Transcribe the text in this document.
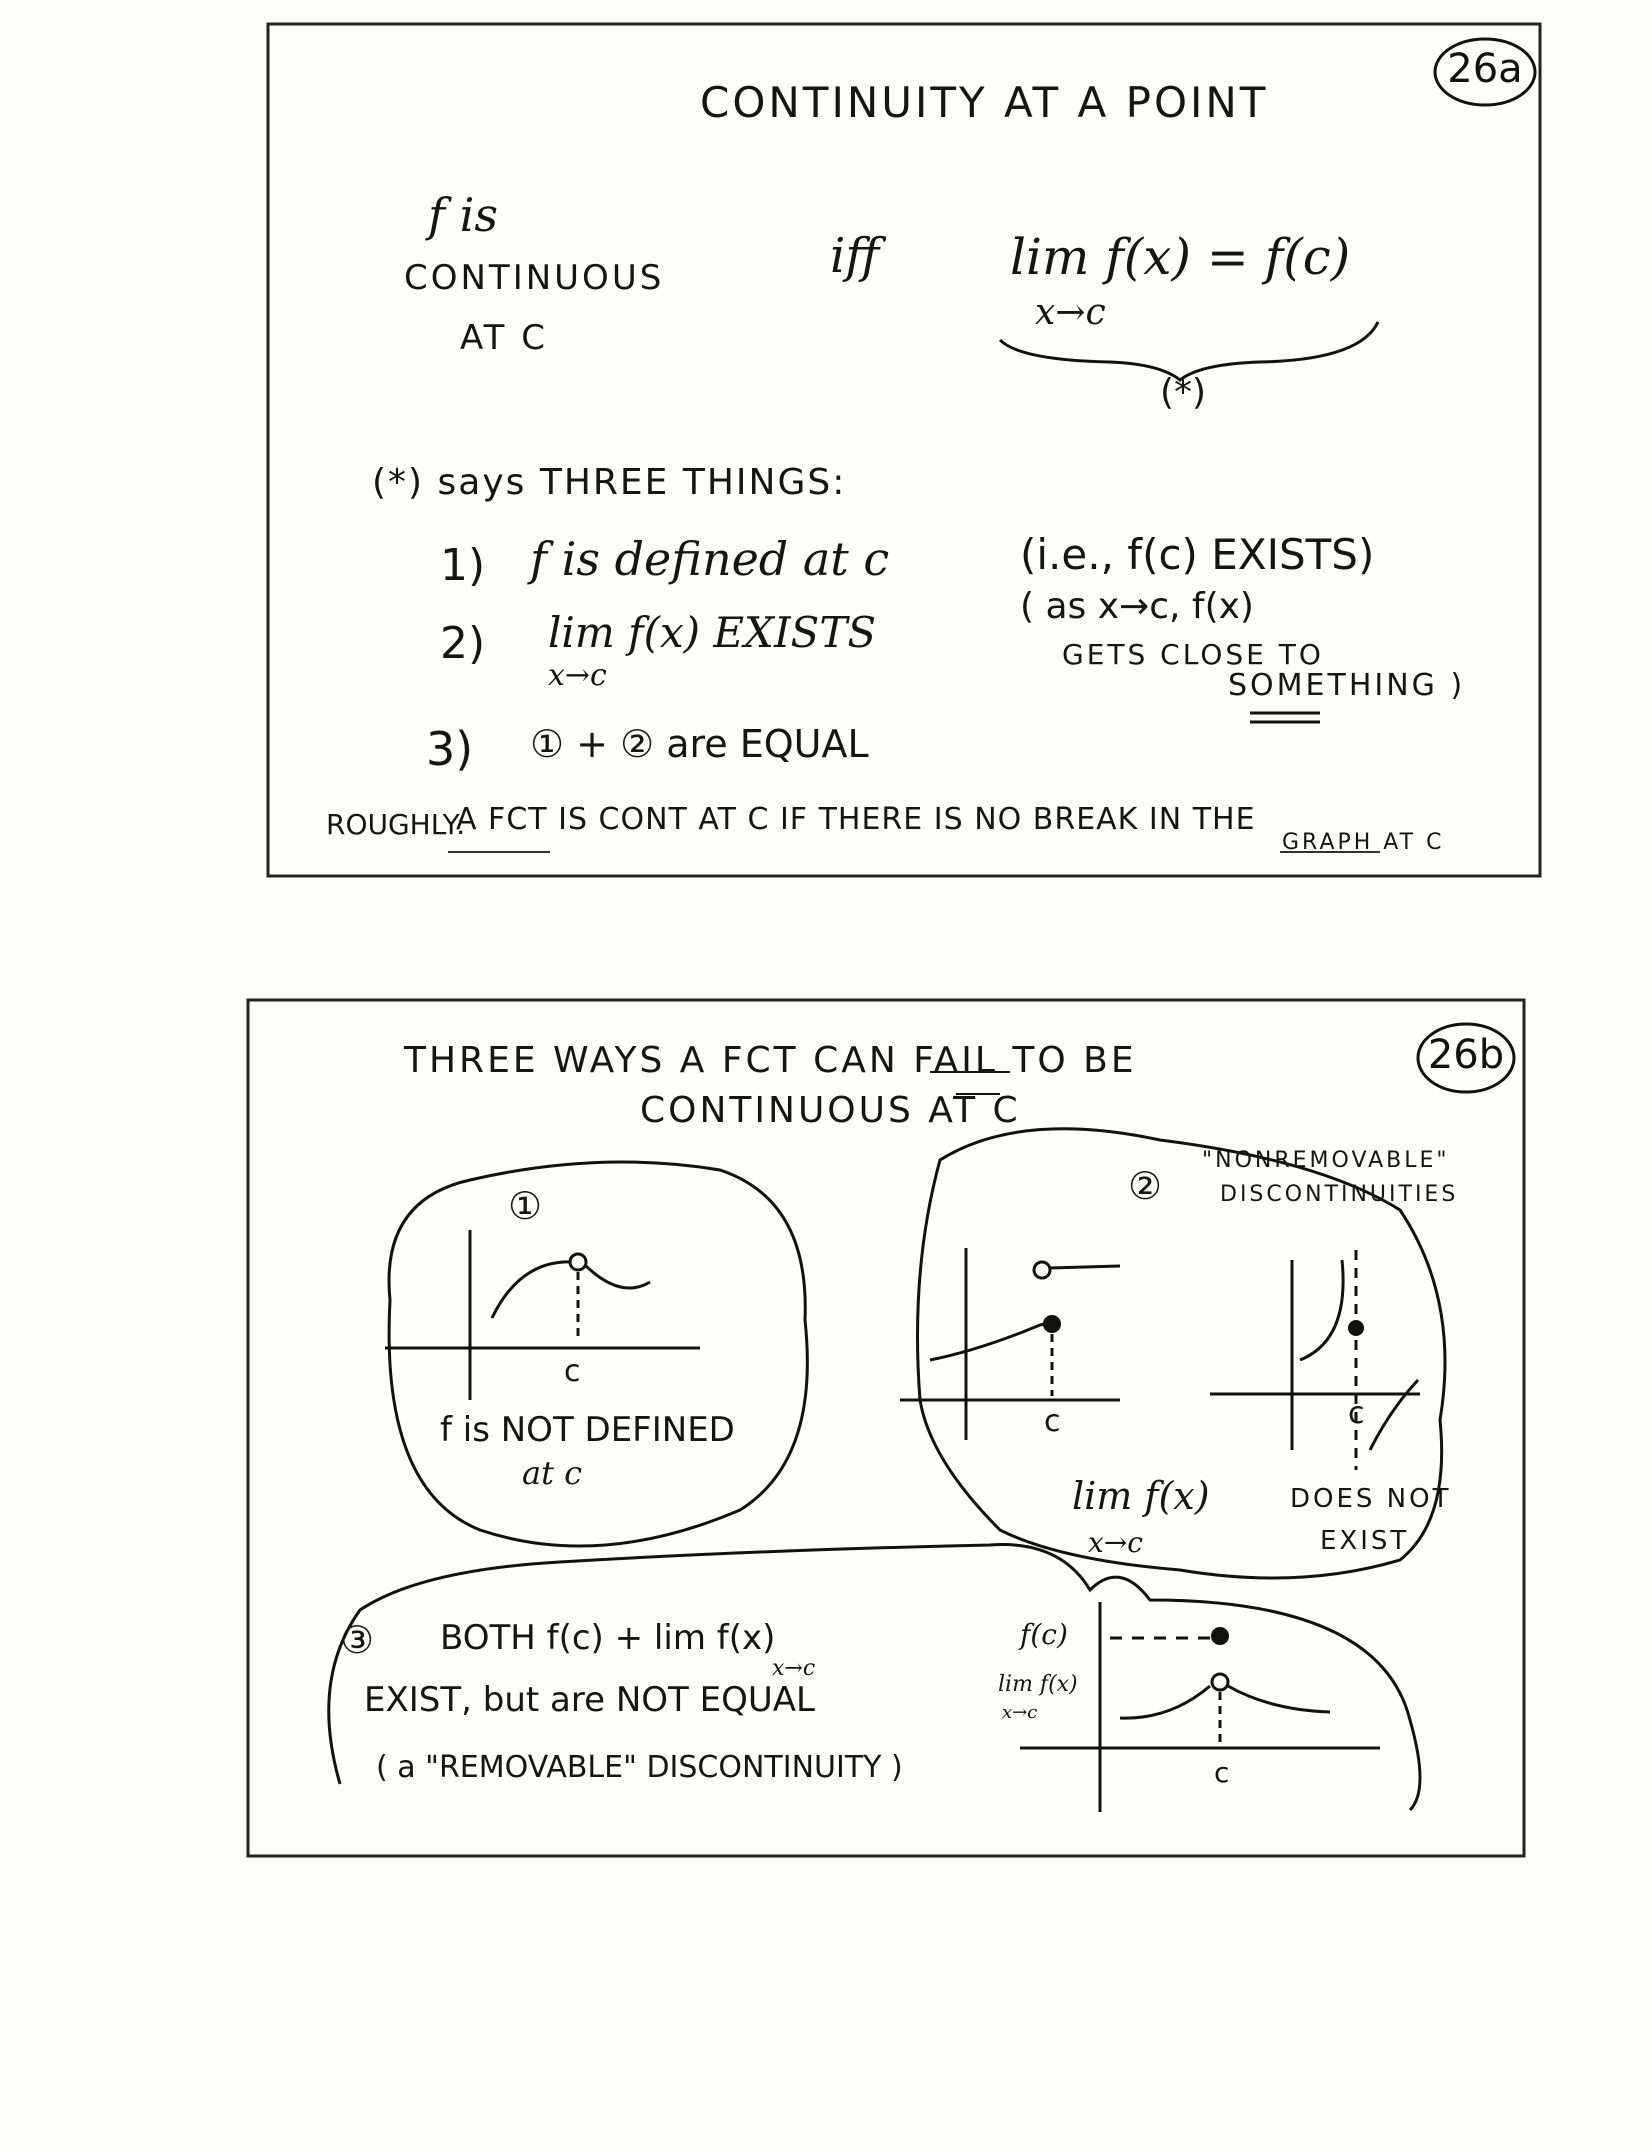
26a
CONTINUITY AT A POINT
f is
CONTINUOUS
AT C
iff	lim f(x) = f(c)
x→c
(*)
(*) says THREE THINGS:
1) f is defined at c	(i.e., f(c) EXISTS)
2) lim f(x) EXISTS
x→c
( as x→c, f(x)
GETS CLOSE TO
SOMETHING )
3) ① + ② are EQUAL
ROUGHLY:
A FCT IS CONT AT C IF THERE IS NO BREAK IN THE
GRAPH AT C
26b
THREE WAYS A FCT CAN FAIL TO BE
CONTINUOUS AT C
①
c
f is NOT DEFINED
at c
②
"NONREMOVABLE"
DISCONTINUITIES
c	c
lim f(x)
x→c
DOES NOT
EXIST
③ BOTH f(c) + lim f(x)
x→c
EXIST, but are NOT EQUAL
( a "REMOVABLE" DISCONTINUITY )
f(c)
lim f(x)
x→c
c
